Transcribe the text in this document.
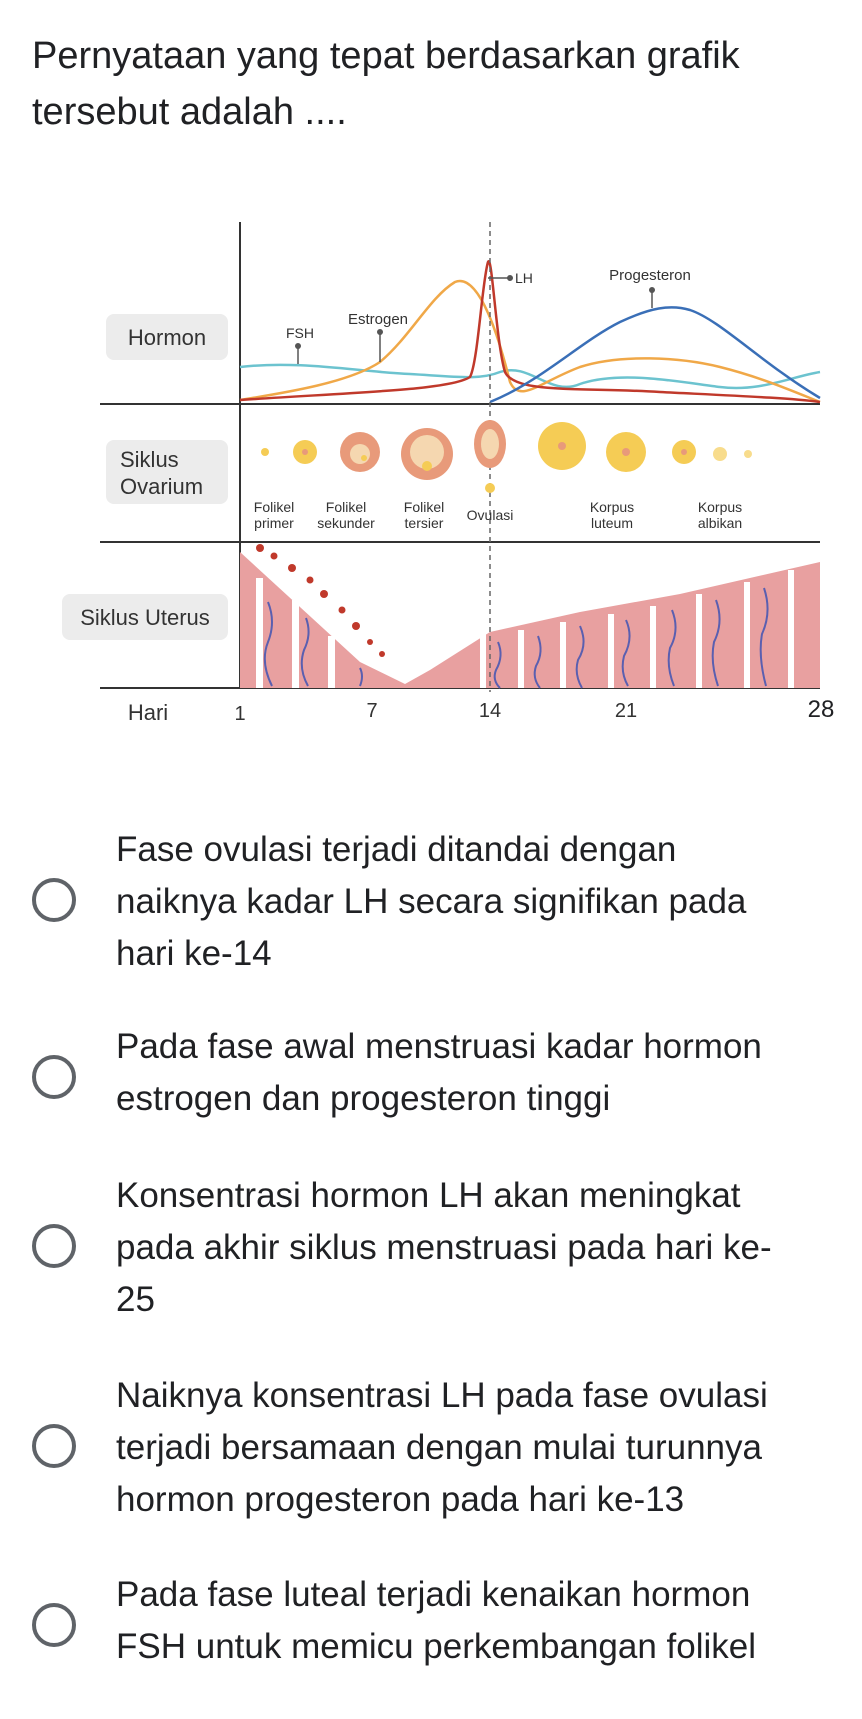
Pernyataan yang tepat berdasarkan grafik tersebut adalah ....
Hormon
Siklus
Ovarium
Siklus Uterus
Hari
LH	Progesteron
Estrogen
FSH
Folikel
primer
Folikel
sekunder
Folikel
tersier Ovulasi	Korpus
luteum
Korpus
albikan
1	7	14	21	28
Fase ovulasi terjadi ditandai dengan
naiknya kadar LH secara signifikan pada
hari ke-14
Pada fase awal menstruasi kadar hormon
estrogen dan progesteron tinggi
Konsentrasi hormon LH akan meningkat
pada akhir siklus menstruasi pada hari ke-
25
Naiknya konsentrasi LH pada fase ovulasi
terjadi bersamaan dengan mulai turunnya
hormon progesteron pada hari ke-13
Pada fase luteal terjadi kenaikan hormon
FSH untuk memicu perkembangan folikel
